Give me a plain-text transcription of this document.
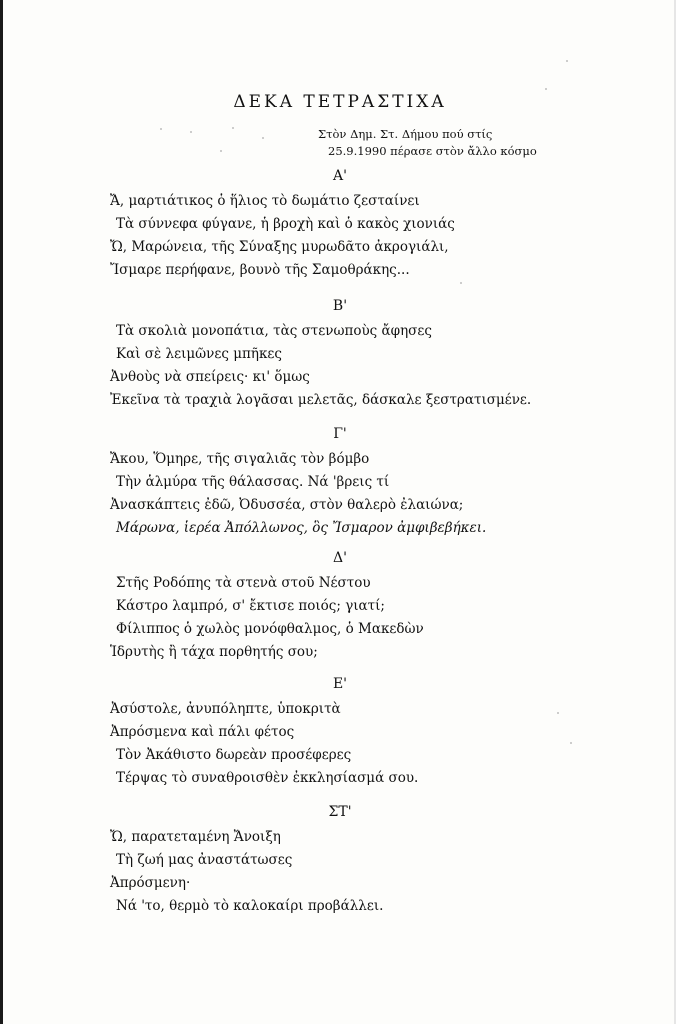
ΔΕΚΑ ΤΕΤΡΑΣΤΙΧΑ
Στὸν Δημ. Στ. Δήμου πού στίς
25.9.1990 πέρασε στὸν ἄλλο κόσμο
Α'
Ἄ, μαρτιάτικος ὁ ἥλιος τὸ δωμάτιο ζεσταίνει
Τὰ σύννεφα φύγανε, ἡ βροχὴ καὶ ὁ κακὸς χιονιάς
Ὤ, Μαρώνεια, τῆς Σύναξης μυρωδᾶτο ἀκρογιάλι,
Ἴσμαρε περήφανε, βουνὸ τῆς Σαμοθράκης...
Β'
Τὰ σκολιὰ μονοπάτια, τὰς στενωποὺς ἄφησες
Καὶ σὲ λειμῶνες μπῆκες
Ἀνθοὺς νὰ σπείρεις· κι' ὅμως
Ἐκεῖνα τὰ τραχιὰ λογᾶσαι μελετᾶς, δάσκαλε ξεστρατισμένε.
Γ'
Ἄκου, Ὅμηρε, τῆς σιγαλιᾶς τὸν βόμβο
Τὴν ἁλμύρα τῆς θάλασσας. Νά 'βρεις τί
Ἀνασκάπτεις ἐδῶ, Ὀδυσσέα, στὸν θαλερὸ ἐλαιώνα;
Μάρωνα, ἱερέα Ἀπόλλωνος, ὃς Ἴσμαρον ἀμφιβεβήκει.
Δ'
Στῆς Ροδόπης τὰ στενὰ στοῦ Νέστου
Κάστρο λαμπρό, σ' ἔκτισε ποιός; γιατί;
Φίλιππος ὁ χωλὸς μονόφθαλμος, ὁ Μακεδὼν
Ἱδρυτὴς ἢ τάχα πορθητής σου;
Ε'
Ἀσύστολε, ἀνυπόληπτε, ὑποκριτὰ
Ἀπρόσμενα καὶ πάλι φέτος
Τὸν Ἀκάθιστο δωρεὰν προσέφερες
Τέρψας τὸ συναθροισθὲν ἐκκλησίασμά σου.
ΣΤ'
Ὤ, παρατεταμένη Ἄνοιξη
Τὴ ζωή μας ἀναστάτωσες
Ἀπρόσμενη·
Νά 'το, θερμὸ τὸ καλοκαίρι προβάλλει.
